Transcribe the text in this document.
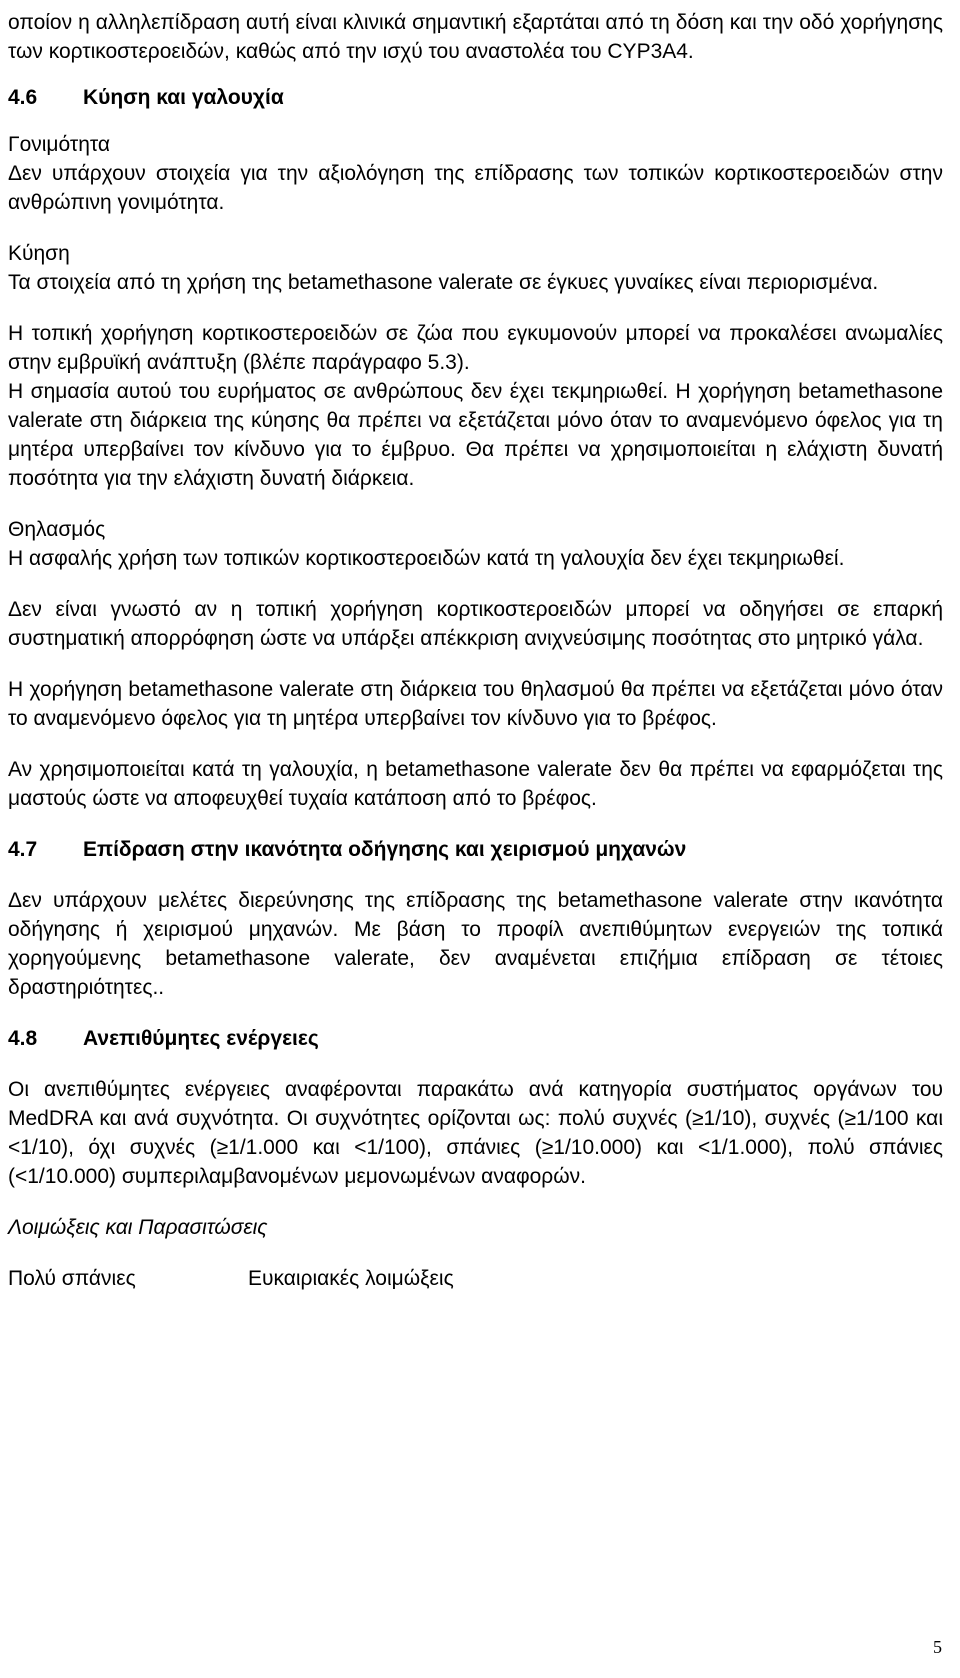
οποίον η αλληλεπίδραση αυτή είναι κλινικά σημαντική εξαρτάται από τη δόση και την οδό χορήγησης των κορτικοστεροειδών, καθώς από την ισχύ του αναστολέα του CYP3A4.

4.6	Κύηση και γαλουχία

Γονιμότητα

Δεν υπάρχουν στοιχεία για την αξιολόγηση της επίδρασης των τοπικών κορτικοστεροειδών στην ανθρώπινη γονιμότητα.

Κύηση

Τα στοιχεία από τη χρήση της betamethasone valerate σε έγκυες γυναίκες είναι περιορισμένα.

Η τοπική χορήγηση κορτικοστεροειδών σε ζώα που εγκυμονούν μπορεί να προκαλέσει ανωμαλίες στην εμβρυϊκή ανάπτυξη (βλέπε παράγραφο 5.3).

Η σημασία αυτού του ευρήματος σε ανθρώπους δεν έχει τεκμηριωθεί. Η χορήγηση betamethasone valerate στη διάρκεια της κύησης θα πρέπει να εξετάζεται μόνο όταν το αναμενόμενο όφελος για τη μητέρα υπερβαίνει τον κίνδυνο για το έμβρυο. Θα πρέπει να χρησιμοποιείται η ελάχιστη δυνατή ποσότητα για την ελάχιστη δυνατή διάρκεια.

Θηλασμός

Η ασφαλής χρήση των τοπικών κορτικοστεροειδών κατά τη γαλουχία δεν έχει τεκμηριωθεί.

Δεν είναι γνωστό αν η τοπική χορήγηση κορτικοστεροειδών μπορεί να οδηγήσει σε επαρκή συστηματική απορρόφηση ώστε να υπάρξει απέκκριση ανιχνεύσιμης ποσότητας στο μητρικό γάλα.

Η χορήγηση betamethasone valerate στη διάρκεια του θηλασμού θα πρέπει να εξετάζεται μόνο όταν το αναμενόμενο όφελος για τη μητέρα υπερβαίνει τον κίνδυνο για το βρέφος.

Αν χρησιμοποιείται κατά τη γαλουχία, η betamethasone valerate δεν θα πρέπει να εφαρμόζεται της μαστούς ώστε να αποφευχθεί τυχαία κατάποση από το βρέφος.

4.7	Επίδραση στην ικανότητα οδήγησης και χειρισμού μηχανών

Δεν υπάρχουν μελέτες διερεύνησης της επίδρασης της betamethasone valerate στην ικανότητα οδήγησης ή χειρισμού μηχανών. Με βάση το προφίλ ανεπιθύμητων ενεργειών της τοπικά χορηγούμενης betamethasone valerate, δεν αναμένεται επιζήμια επίδραση σε τέτοιες δραστηριότητες..

4.8	Ανεπιθύμητες ενέργειες

Οι ανεπιθύμητες ενέργειες αναφέρονται παρακάτω ανά κατηγορία συστήματος οργάνων του MedDRA και ανά συχνότητα. Οι συχνότητες ορίζονται ως: πολύ συχνές (≥1/10), συχνές (≥1/100 και <1/10), όχι συχνές (≥1/1.000 και <1/100), σπάνιες (≥1/10.000) και <1/1.000), πολύ σπάνιες (<1/10.000) συμπεριλαμβανομένων μεμονωμένων αναφορών.

Λοιμώξεις και Παρασιτώσεις

Πολύ σπάνιες	Ευκαιριακές λοιμώξεις
5
